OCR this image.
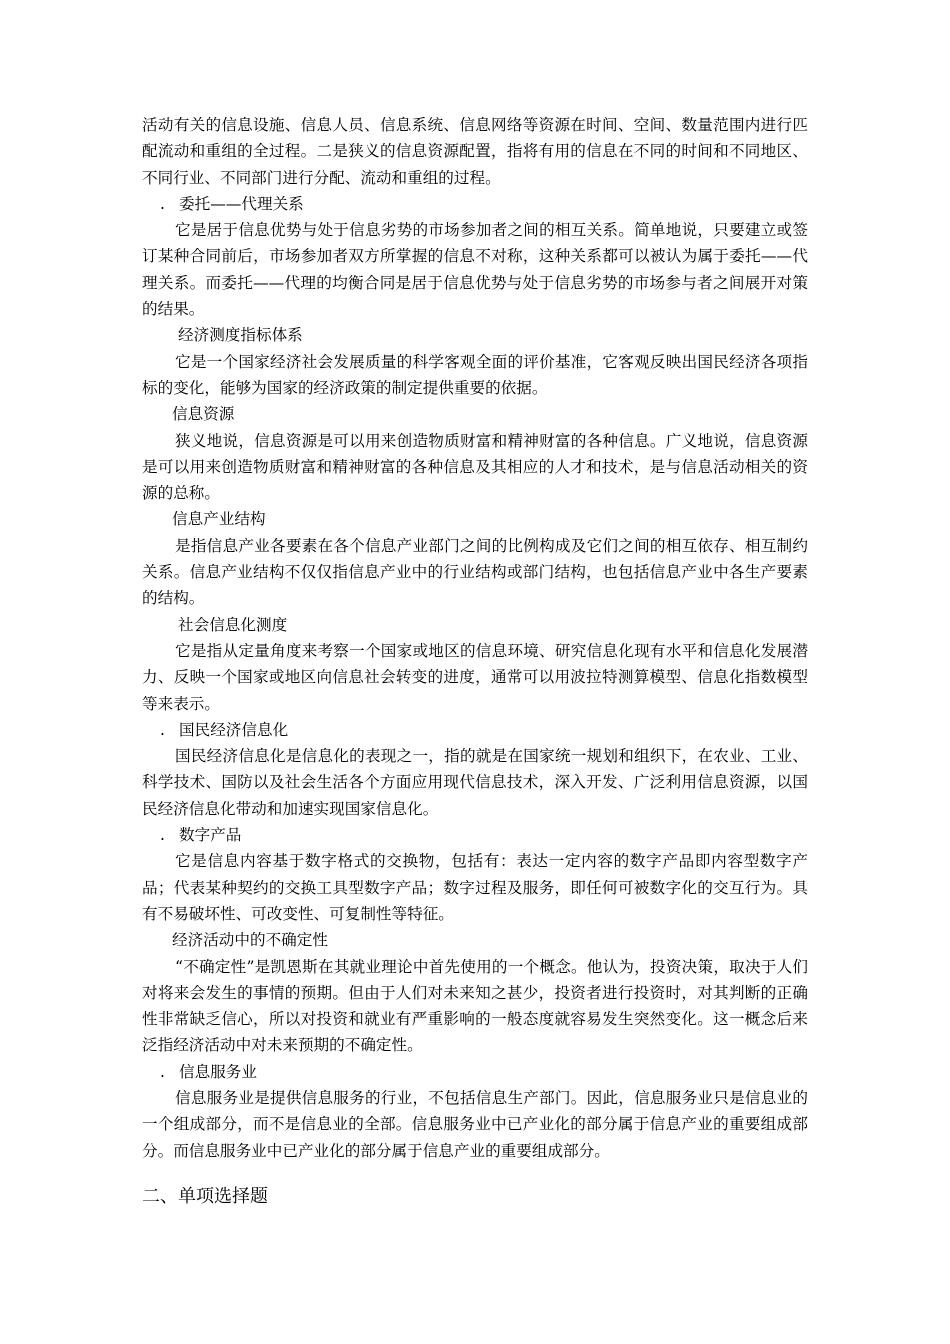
活动有关的信息设施、信息人员、信息系统、信息网络等资源在时间、空间、数量范围内进行匹配流动和重组的全过程。二是狭义的信息资源配置，指将有用的信息在不同的时间和不同地区、不同行业、不同部门进行分配、流动和重组的过程。

. 委托——代理关系

它是居于信息优势与处于信息劣势的市场参加者之间的相互关系。简单地说，只要建立或签订某种合同前后，市场参加者双方所掌握的信息不对称，这种关系都可以被认为属于委托——代理关系。而委托——代理的均衡合同是居于信息优势与处于信息劣势的市场参与者之间展开对策的结果。

经济测度指标体系

它是一个国家经济社会发展质量的科学客观全面的评价基准，它客观反映出国民经济各项指标的变化，能够为国家的经济政策的制定提供重要的依据。

信息资源

狭义地说，信息资源是可以用来创造物质财富和精神财富的各种信息。广义地说，信息资源是可以用来创造物质财富和精神财富的各种信息及其相应的人才和技术，是与信息活动相关的资源的总称。

信息产业结构

是指信息产业各要素在各个信息产业部门之间的比例构成及它们之间的相互依存、相互制约关系。信息产业结构不仅仅指信息产业中的行业结构或部门结构，也包括信息产业中各生产要素的结构。

社会信息化测度

它是指从定量角度来考察一个国家或地区的信息环境、研究信息化现有水平和信息化发展潜力、反映一个国家或地区向信息社会转变的进度，通常可以用波拉特测算模型、信息化指数模型等来表示。

. 国民经济信息化

国民经济信息化是信息化的表现之一，指的就是在国家统一规划和组织下，在农业、工业、科学技术、国防以及社会生活各个方面应用现代信息技术，深入开发、广泛利用信息资源，以国民经济信息化带动和加速实现国家信息化。

. 数字产品

它是信息内容基于数字格式的交换物，包括有：表达一定内容的数字产品即内容型数字产品；代表某种契约的交换工具型数字产品；数字过程及服务，即任何可被数字化的交互行为。具有不易破坏性、可改变性、可复制性等特征。

经济活动中的不确定性

“不确定性”是凯恩斯在其就业理论中首先使用的一个概念。他认为，投资决策，取决于人们对将来会发生的事情的预期。但由于人们对未来知之甚少，投资者进行投资时，对其判断的正确性非常缺乏信心，所以对投资和就业有严重影响的一般态度就容易发生突然变化。这一概念后来泛指经济活动中对未来预期的不确定性。

. 信息服务业

信息服务业是提供信息服务的行业，不包括信息生产部门。因此，信息服务业只是信息业的一个组成部分，而不是信息业的全部。信息服务业中已产业化的部分属于信息产业的重要组成部分。而信息服务业中已产业化的部分属于信息产业的重要组成部分。

二、单项选择题
